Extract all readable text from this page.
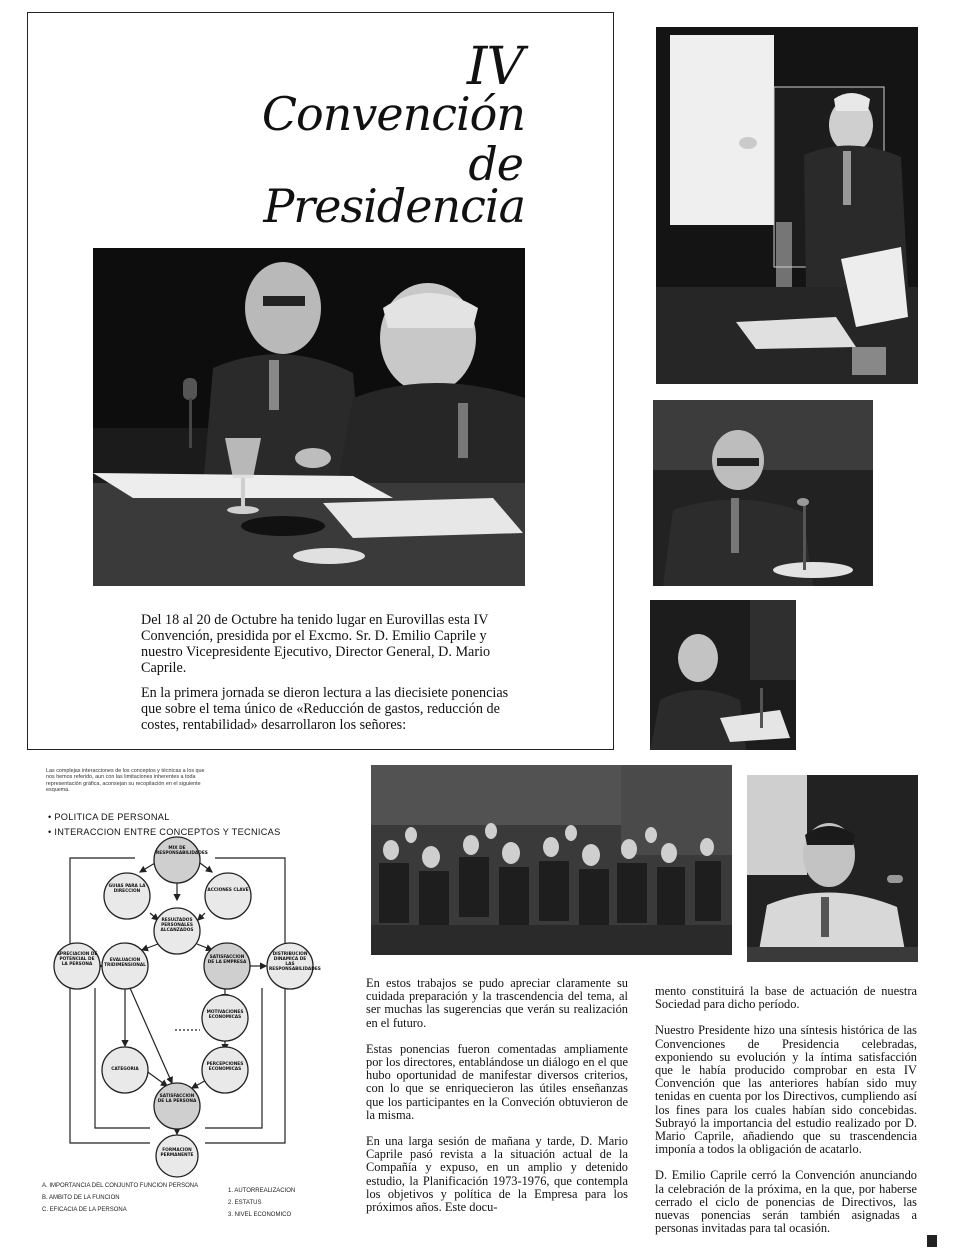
IV
Convención
de
Presidencia

Del 18 al 20 de Octubre ha tenido lugar en Eurovillas esta IV Convención, presidida por el Excmo. Sr. D. Emilio Caprile y nuestro Vicepresidente Ejecutivo, Director General, D. Mario Caprile.

En la primera jornada se dieron lectura a las diecisiete ponencias que sobre el tema único de «Reducción de gastos, reducción de costes, rentabilidad» desarrollaron los señores:

Las complejas interacciones de los conceptos y técnicas a los que nos hemos referido, aun con las limitaciones inherentes a toda representación gráfica, aconsejan su recopilación en el siguiente esquema.
• POLITICA DE PERSONAL
• INTERACCION ENTRE CONCEPTOS Y TECNICAS
MIX DE RESPONSABILIDADES
GUIAS PARA LA DIRECCION	ACCIONES CLAVE
RESULTADOS PERSONALES ALCANZADOS
APRECIACION DE POTENCIAL DE LA PERSONA
EVALUACION TRIDIMENSIONAL
SATISFACCION DE LA EMPRESA
DISTRIBUCION DINAMICA DE LAS RESPONSABILIDADES
MOTIVACIONES ECONOMICAS
CATEGORIA
PERCEPCIONES ECONOMICAS
SATISFACCION DE LA PERSONA
FORMACION PERMANENTE
A. IMPORTANCIA DEL CONJUNTO FUNCION PERSONA
B. AMBITO DE LA FUNCION
C. EFICACIA DE LA PERSONA
1. AUTORREALIZACION
2. ESTATUS
3. NIVEL ECONOMICO

En estos trabajos se pudo apreciar claramente su cuidada preparación y la trascendencia del tema, al ser muchas las sugerencias que verán su realización en el futuro.

Estas ponencias fueron comentadas ampliamente por los directores, entablándose un diálogo en el que hubo oportunidad de manifestar diversos criterios, con lo que se enriquecieron las útiles enseñanzas que los participantes en la Conveción obtuvieron de la misma.

En una larga sesión de mañana y tarde, D. Mario Caprile pasó revista a la situación actual de la Compañía y expuso, en un amplio y detenido estudio, la Planificación 1973-1976, que contempla los objetivos y política de la Empresa para los próximos años. Este docu-

mento constituirá la base de actuación de nuestra Sociedad para dicho período.

Nuestro Presidente hizo una síntesis histórica de las Convenciones de Presidencia celebradas, exponiendo su evolución y la íntima satisfacción que le había producido comprobar en esta IV Convención que las anteriores habían sido muy tenidas en cuenta por los Directivos, cumpliendo así los fines para los cuales habían sido concebidas. Subrayó la importancia del estudio realizado por D. Mario Caprile, añadiendo que su trascendencia imponía a todos la obligación de acatarlo.

D. Emilio Caprile cerró la Convención anunciando la celebración de la próxima, en la que, por haberse cerrado el ciclo de ponencias de Directivos, las nuevas ponencias serán también asignadas a personas invitadas para tal ocasión.
